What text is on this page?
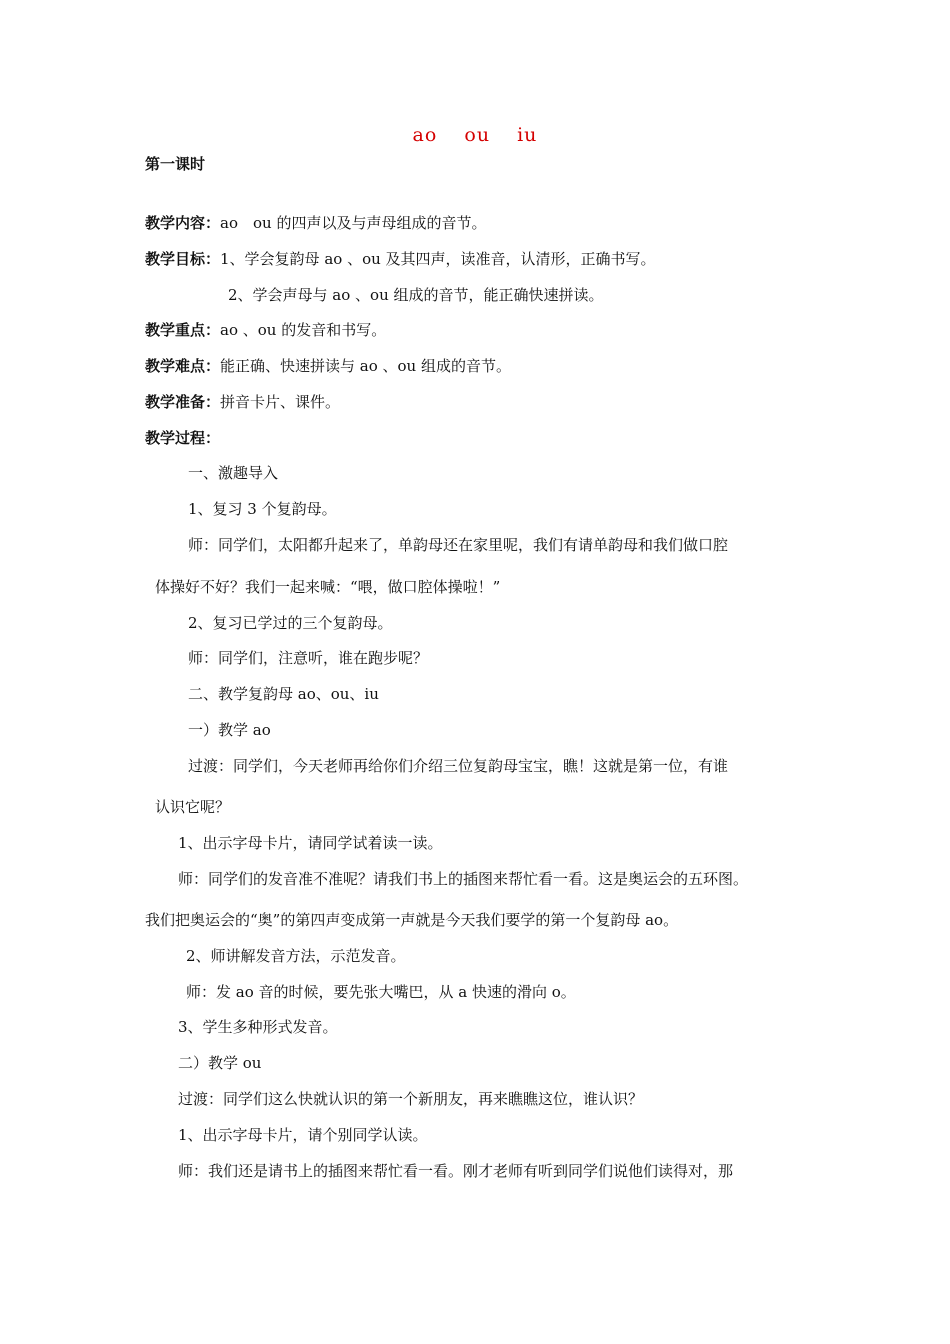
ao ou iu
第一课时
教学内容：ao　ou 的四声以及与声母组成的音节。
教学目标：1、学会复韵母 ao 、ou 及其四声，读准音，认清形，正确书写。
2、学会声母与 ao 、ou 组成的音节，能正确快速拼读。
教学重点：ao 、ou 的发音和书写。
教学难点：能正确、快速拼读与 ao 、ou 组成的音节。
教学准备：拼音卡片、课件。
教学过程：
一、激趣导入
1、复习 3 个复韵母。
师：同学们，太阳都升起来了，单韵母还在家里呢，我们有请单韵母和我们做口腔
体操好不好？我们一起来喊：“喂，做口腔体操啦！”
2、复习已学过的三个复韵母。
师：同学们，注意听，谁在跑步呢？
二、教学复韵母 ao、ou、iu
一）教学 ao
过渡：同学们，今天老师再给你们介绍三位复韵母宝宝，瞧！这就是第一位，有谁
认识它呢？
1、出示字母卡片，请同学试着读一读。
师：同学们的发音准不准呢？请我们书上的插图来帮忙看一看。这是奥运会的五环图。
我们把奥运会的“奥”的第四声变成第一声就是今天我们要学的第一个复韵母 ao。
2、师讲解发音方法，示范发音。
师：发 ao 音的时候，要先张大嘴巴，从 a 快速的滑向 o。
3、学生多种形式发音。
二）教学 ou
过渡：同学们这么快就认识的第一个新朋友，再来瞧瞧这位，谁认识？
1、出示字母卡片，请个别同学认读。
师：我们还是请书上的插图来帮忙看一看。刚才老师有听到同学们说他们读得对，那
